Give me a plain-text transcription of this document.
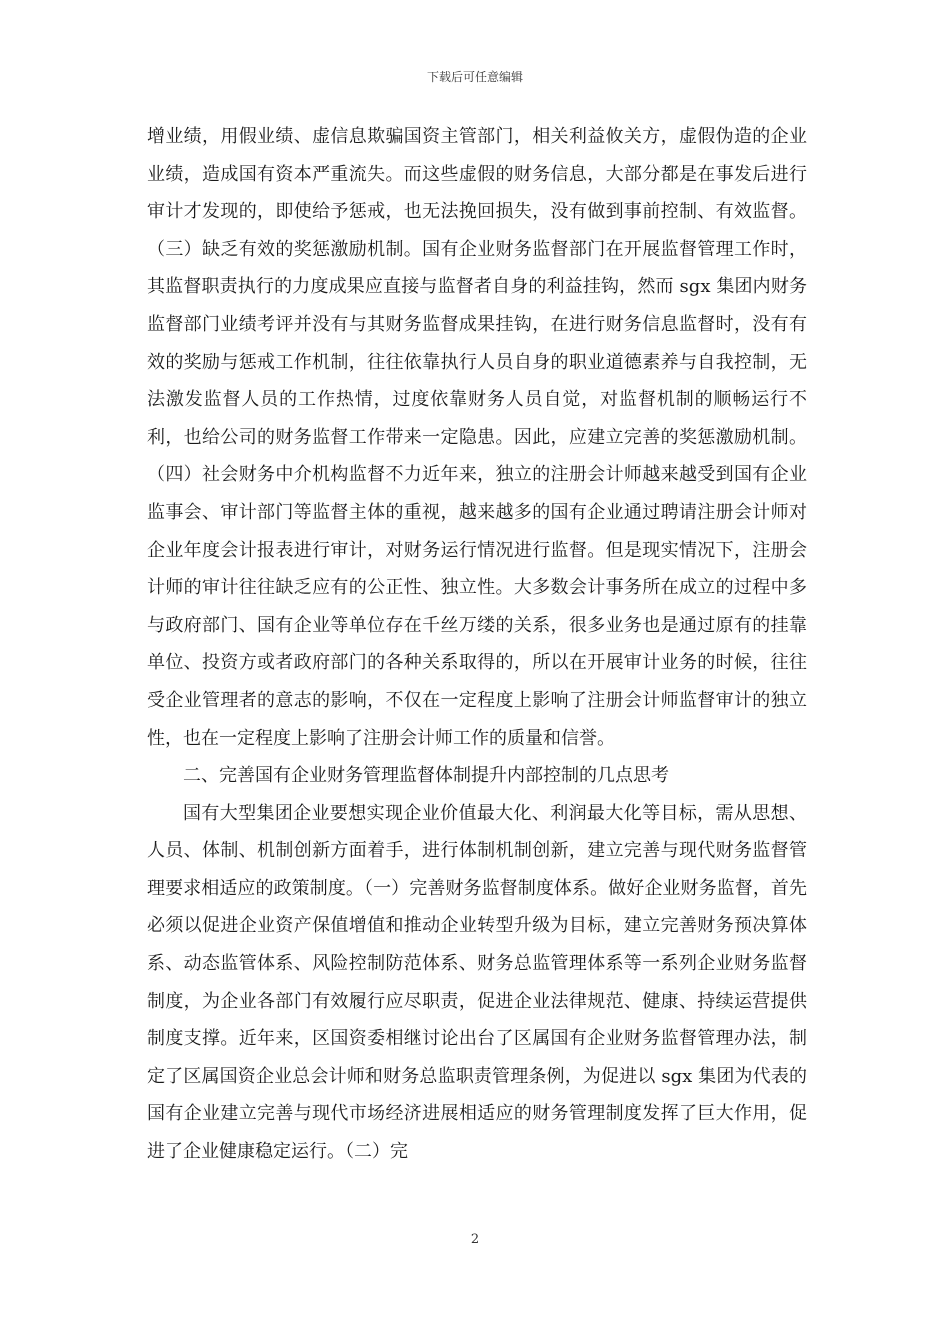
下载后可任意编辑

增业绩，用假业绩、虚信息欺骗国资主管部门，相关利益攸关方，虚假伪造的企业业绩，造成国有资本严重流失。而这些虚假的财务信息，大部分都是在事发后进行审计才发现的，即使给予惩戒，也无法挽回损失，没有做到事前控制、有效监督。（三）缺乏有效的奖惩激励机制。国有企业财务监督部门在开展监督管理工作时，其监督职责执行的力度成果应直接与监督者自身的利益挂钩，然而 sgx 集团内财务监督部门业绩考评并没有与其财务监督成果挂钩，在进行财务信息监督时，没有有效的奖励与惩戒工作机制，往往依靠执行人员自身的职业道德素养与自我控制，无法激发监督人员的工作热情，过度依靠财务人员自觉，对监督机制的顺畅运行不利，也给公司的财务监督工作带来一定隐患。因此，应建立完善的奖惩激励机制。（四）社会财务中介机构监督不力近年来，独立的注册会计师越来越受到国有企业监事会、审计部门等监督主体的重视，越来越多的国有企业通过聘请注册会计师对企业年度会计报表进行审计，对财务运行情况进行监督。但是现实情况下，注册会计师的审计往往缺乏应有的公正性、独立性。大多数会计事务所在成立的过程中多与政府部门、国有企业等单位存在千丝万缕的关系，很多业务也是通过原有的挂靠单位、投资方或者政府部门的各种关系取得的，所以在开展审计业务的时候，往往受企业管理者的意志的影响，不仅在一定程度上影响了注册会计师监督审计的独立性，也在一定程度上影响了注册会计师工作的质量和信誉。

二、完善国有企业财务管理监督体制提升内部控制的几点思考

国有大型集团企业要想实现企业价值最大化、利润最大化等目标，需从思想、人员、体制、机制创新方面着手，进行体制机制创新，建立完善与现代财务监督管理要求相适应的政策制度。（一）完善财务监督制度体系。做好企业财务监督，首先必须以促进企业资产保值增值和推动企业转型升级为目标，建立完善财务预决算体系、动态监管体系、风险控制防范体系、财务总监管理体系等一系列企业财务监督制度，为企业各部门有效履行应尽职责，促进企业法律规范、健康、持续运营提供制度支撑。近年来，区国资委相继讨论出台了区属国有企业财务监督管理办法，制定了区属国资企业总会计师和财务总监职责管理条例，为促进以 sgx 集团为代表的国有企业建立完善与现代市场经济进展相适应的财务管理制度发挥了巨大作用，促进了企业健康稳定运行。（二）完

2
